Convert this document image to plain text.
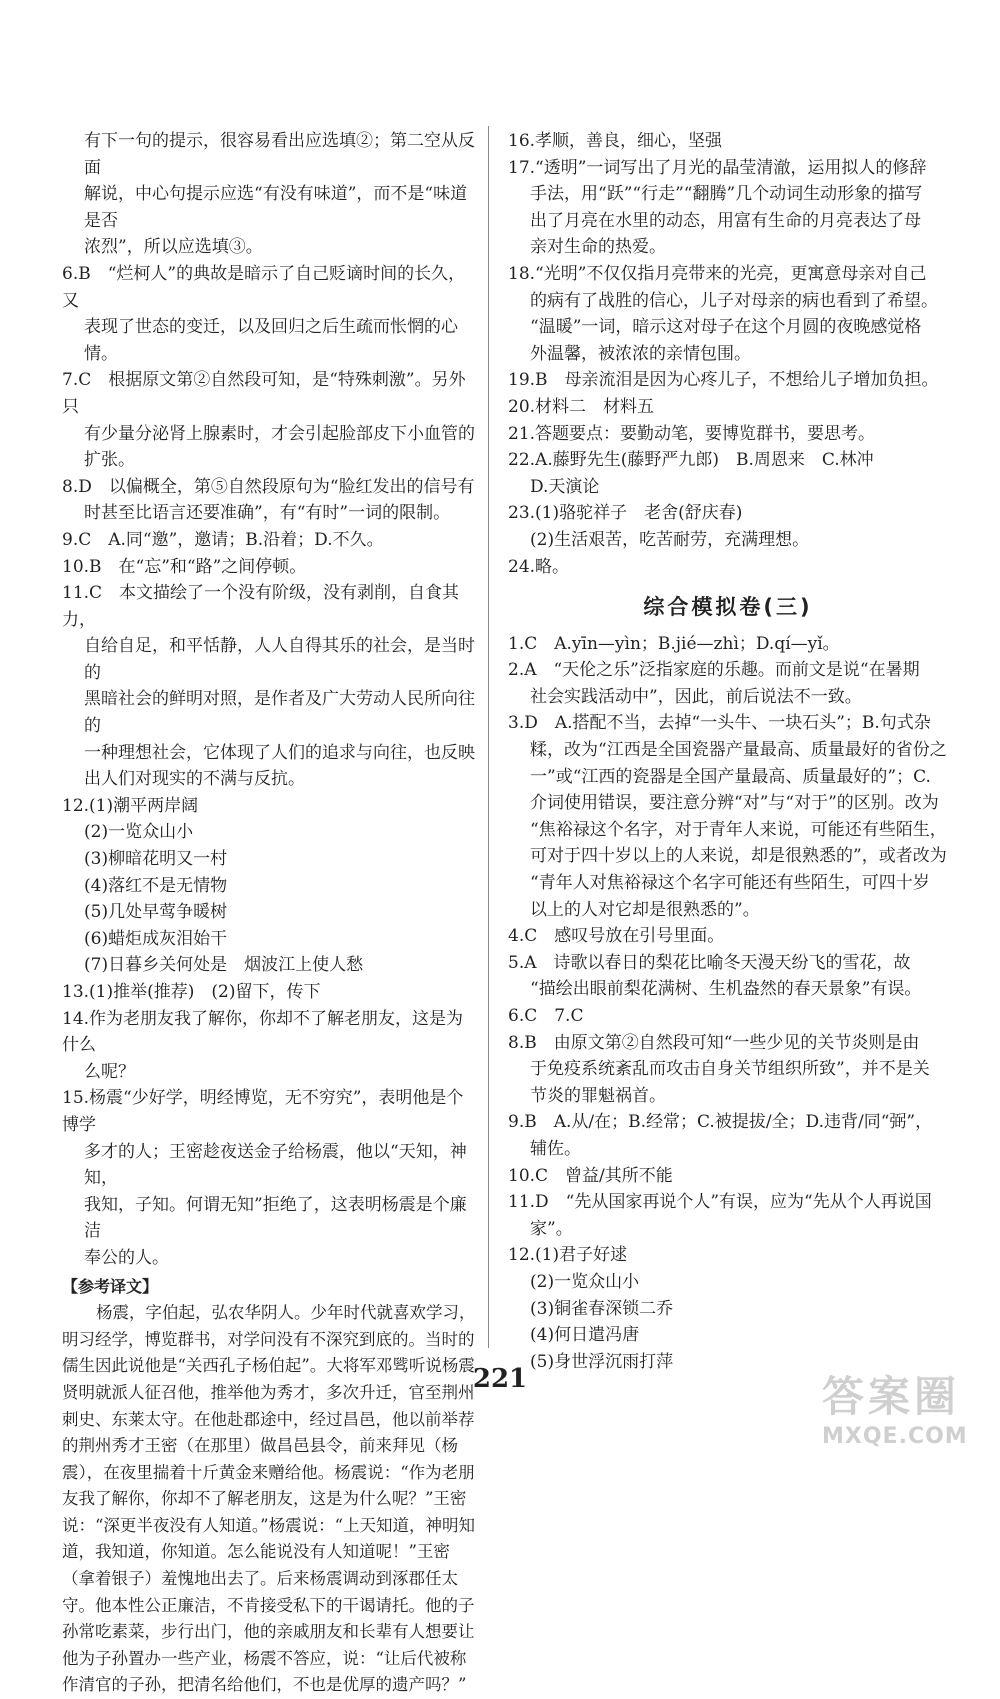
有下一句的提示，很容易看出应选填②；第二空从反面

解说，中心句提示应选“有没有味道”，而不是“味道是否

浓烈”，所以应选填③。

6.B　“烂柯人”的典故是暗示了自己贬谪时间的长久，又

表现了世态的变迁，以及回归之后生疏而怅惘的心情。

7.C　根据原文第②自然段可知，是“特殊刺激”。另外只

有少量分泌肾上腺素时，才会引起脸部皮下小血管的

扩张。

8.D　以偏概全，第⑤自然段原句为“脸红发出的信号有

时甚至比语言还要准确”，有“有时”一词的限制。

9.C　A.同“邀”，邀请；B.沿着；D.不久。

10.B　在“忘”和“路”之间停顿。

11.C　本文描绘了一个没有阶级，没有剥削，自食其力，

自给自足，和平恬静，人人自得其乐的社会，是当时的

黑暗社会的鲜明对照，是作者及广大劳动人民所向往的

一种理想社会，它体现了人们的追求与向往，也反映

出人们对现实的不满与反抗。

12.(1)潮平两岸阔

(2)一览众山小

(3)柳暗花明又一村

(4)落红不是无情物

(5)几处早莺争暖树

(6)蜡炬成灰泪始干

(7)日暮乡关何处是　烟波江上使人愁

13.(1)推举(推荐)　(2)留下，传下

14.作为老朋友我了解你，你却不了解老朋友，这是为什么

么呢？

15.杨震“少好学，明经博览，无不穷究”，表明他是个博学

多才的人；王密趁夜送金子给杨震，他以“天知，神知，

我知，子知。何谓无知”拒绝了，这表明杨震是个廉洁

奉公的人。

【参考译文】

杨震，字伯起，弘农华阴人。少年时代就喜欢学习，明习经学，博览群书，对学问没有不深究到底的。当时的儒生因此说他是“关西孔子杨伯起”。大将军邓骘听说杨震贤明就派人征召他，推举他为秀才，多次升迁，官至荆州刺史、东莱太守。在他赴郡途中，经过昌邑，他以前举荐的荆州秀才王密（在那里）做昌邑县令，前来拜见（杨震），在夜里揣着十斤黄金来赠给他。杨震说：“作为老朋友我了解你，你却不了解老朋友，这是为什么呢？”王密说：“深更半夜没有人知道。”杨震说：“上天知道，神明知道，我知道，你知道。怎么能说没有人知道呢！”王密（拿着银子）羞愧地出去了。后来杨震调动到涿郡任太守。他本性公正廉洁，不肯接受私下的干谒请托。他的子孙常吃素菜，步行出门，他的亲戚朋友和长辈有人想要让他为子孙置办一些产业，杨震不答应，说：“让后代被称作清官的子孙，把清名给他们，不也是优厚的遗产吗？”

16.孝顺，善良，细心，坚强

17.“透明”一词写出了月光的晶莹清澈，运用拟人的修辞

手法，用“跃”“行走”“翻腾”几个动词生动形象的描写

出了月亮在水里的动态，用富有生命的月亮表达了母

亲对生命的热爱。

18.“光明”不仅仅指月亮带来的光亮，更寓意母亲对自己

的病有了战胜的信心，儿子对母亲的病也看到了希望。

“温暖”一词，暗示这对母子在这个月圆的夜晚感觉格

外温馨，被浓浓的亲情包围。

19.B　母亲流泪是因为心疼儿子，不想给儿子增加负担。

20.材料二　材料五

21.答题要点：要勤动笔，要博览群书，要思考。

22.A.藤野先生(藤野严九郎)　B.周恩来　C.林冲

D.天演论

23.(1)骆驼祥子　老舍(舒庆春)

(2)生活艰苦，吃苦耐劳，充满理想。

24.略。

综合模拟卷(三)

1.C　A.yīn—yìn；B.jié—zhì；D.qí—yǐ。

2.A　“天伦之乐”泛指家庭的乐趣。而前文是说“在暑期

社会实践活动中”，因此，前后说法不一致。

3.D　A.搭配不当，去掉“一头牛、一块石头”；B.句式杂

糅，改为“江西是全国瓷器产量最高、质量最好的省份之

一”或“江西的瓷器是全国产量最高、质量最好的”；C.

介词使用错误，要注意分辨“对”与“对于”的区别。改为

“焦裕禄这个名字，对于青年人来说，可能还有些陌生，

可对于四十岁以上的人来说，却是很熟悉的”，或者改为

“青年人对焦裕禄这个名字可能还有些陌生，可四十岁

以上的人对它却是很熟悉的”。

4.C　感叹号放在引号里面。

5.A　诗歌以春日的梨花比喻冬天漫天纷飞的雪花，故

“描绘出眼前梨花满树、生机盎然的春天景象”有误。

6.C　7.C

8.B　由原文第②自然段可知“一些少见的关节炎则是由

于免疫系统紊乱而攻击自身关节组织所致”，并不是关

节炎的罪魁祸首。

9.B　A.从/在；B.经常；C.被提拔/全；D.违背/同“弼”，

辅佐。

10.C　曾益/其所不能

11.D　“先从国家再说个人”有误，应为“先从个人再说国

家”。

12.(1)君子好逑

(2)一览众山小

(3)铜雀春深锁二乔

(4)何日遣冯唐

(5)身世浮沉雨打萍

221	答案圈
MXQE.COM
